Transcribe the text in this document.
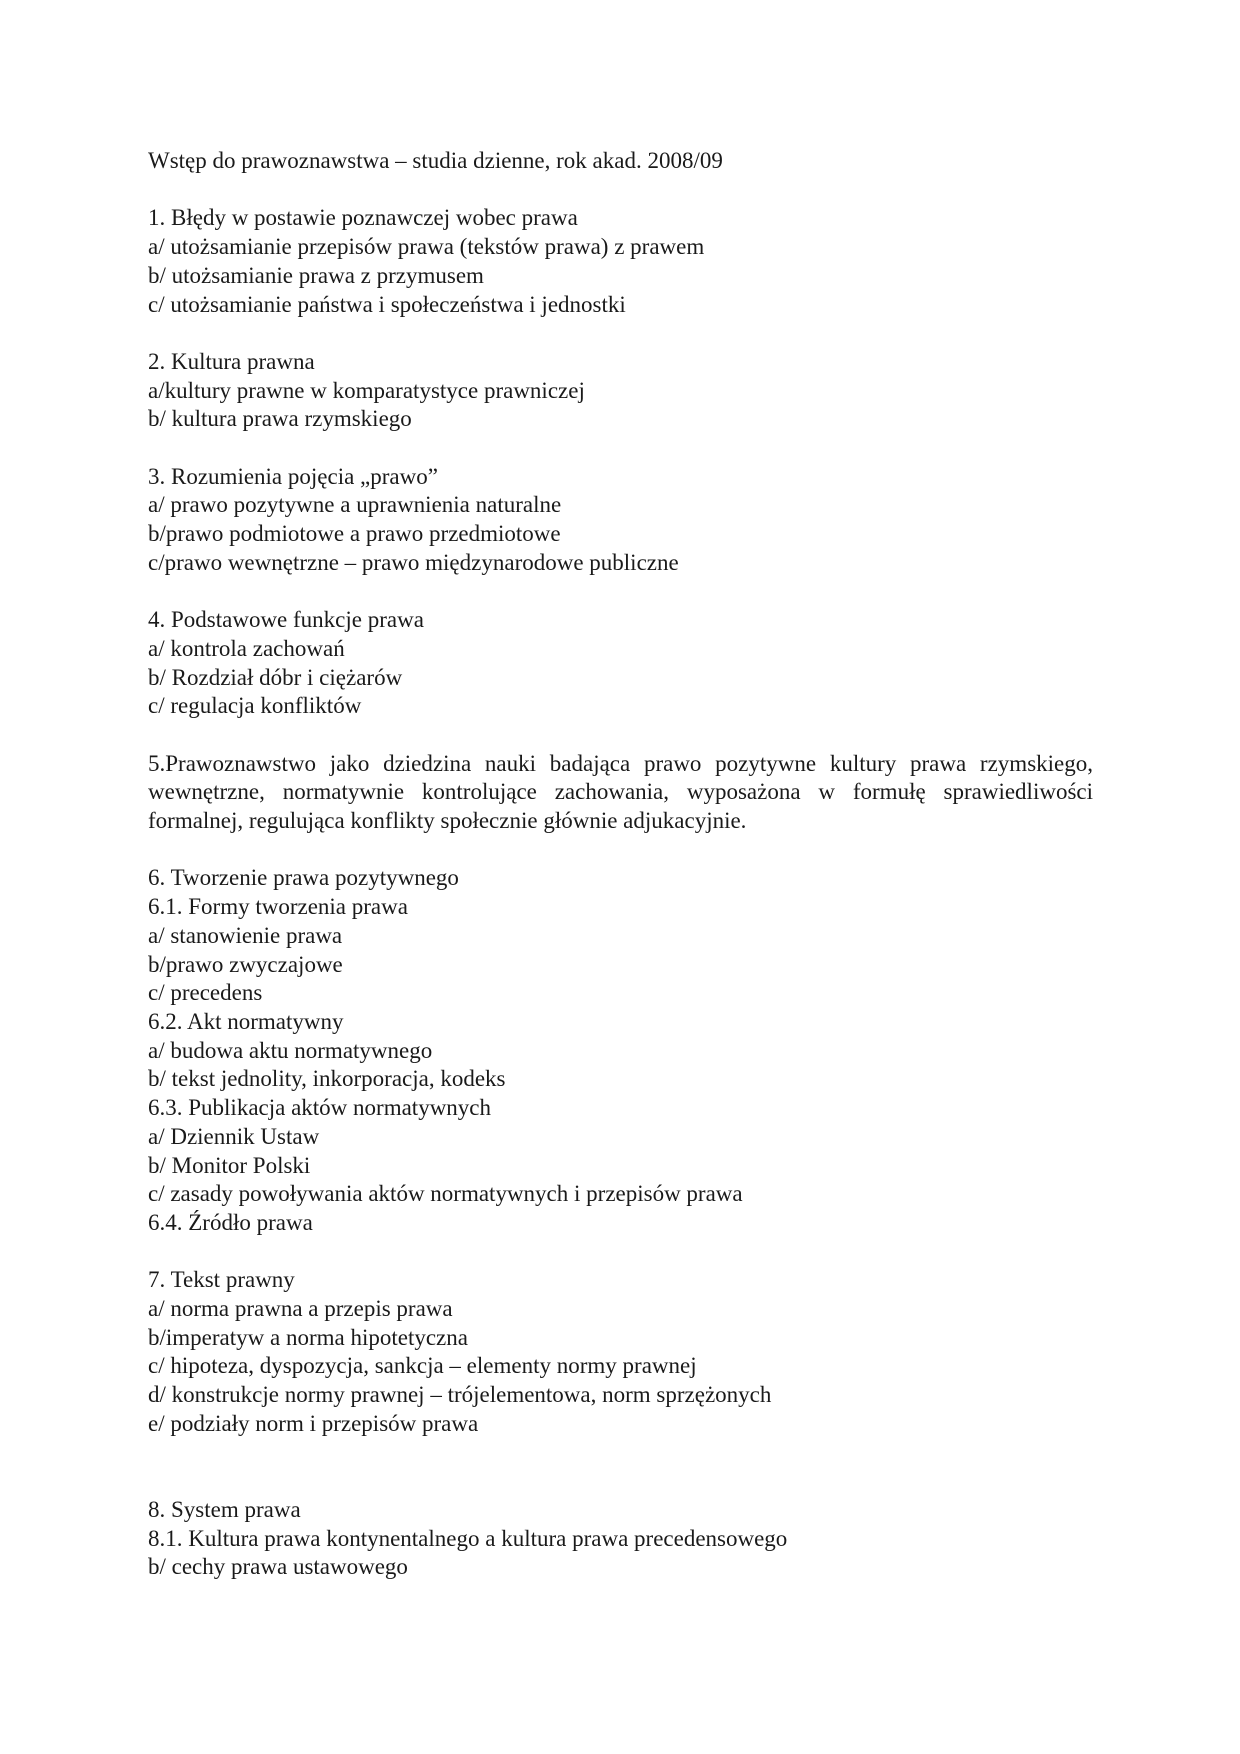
Wstęp do prawoznawstwa – studia dzienne, rok akad. 2008/09
1. Błędy w postawie poznawczej wobec prawa
a/ utożsamianie przepisów prawa (tekstów prawa) z prawem
b/ utożsamianie prawa z przymusem
c/ utożsamianie państwa i społeczeństwa i jednostki
2. Kultura prawna
a/kultury prawne w komparatystyce prawniczej
b/ kultura prawa rzymskiego
3. Rozumienia pojęcia „prawo”
a/ prawo pozytywne a uprawnienia naturalne
b/prawo podmiotowe a prawo przedmiotowe
c/prawo wewnętrzne – prawo międzynarodowe publiczne
4. Podstawowe funkcje prawa
a/ kontrola zachowań
b/ Rozdział dóbr i ciężarów
c/ regulacja konfliktów
5.Prawoznawstwo jako dziedzina nauki badająca prawo pozytywne kultury prawa rzymskiego, wewnętrzne, normatywnie kontrolujące zachowania, wyposażona w formułę sprawiedliwości formalnej, regulująca konflikty społecznie głównie adjukacyjnie.
6. Tworzenie prawa pozytywnego
6.1. Formy tworzenia prawa
a/ stanowienie prawa
b/prawo zwyczajowe
c/ precedens
6.2. Akt normatywny
a/ budowa aktu normatywnego
b/ tekst jednolity, inkorporacja, kodeks
6.3. Publikacja aktów normatywnych
a/ Dziennik Ustaw
b/ Monitor Polski
c/ zasady powoływania aktów normatywnych i przepisów prawa
6.4. Źródło prawa
7. Tekst prawny
a/ norma prawna a przepis prawa
b/imperatyw a norma hipotetyczna
c/ hipoteza, dyspozycja, sankcja – elementy normy prawnej
d/ konstrukcje normy prawnej – trójelementowa, norm sprzężonych
e/ podziały norm i przepisów prawa
8. System prawa
8.1. Kultura prawa kontynentalnego a kultura prawa precedensowego
b/ cechy prawa ustawowego
